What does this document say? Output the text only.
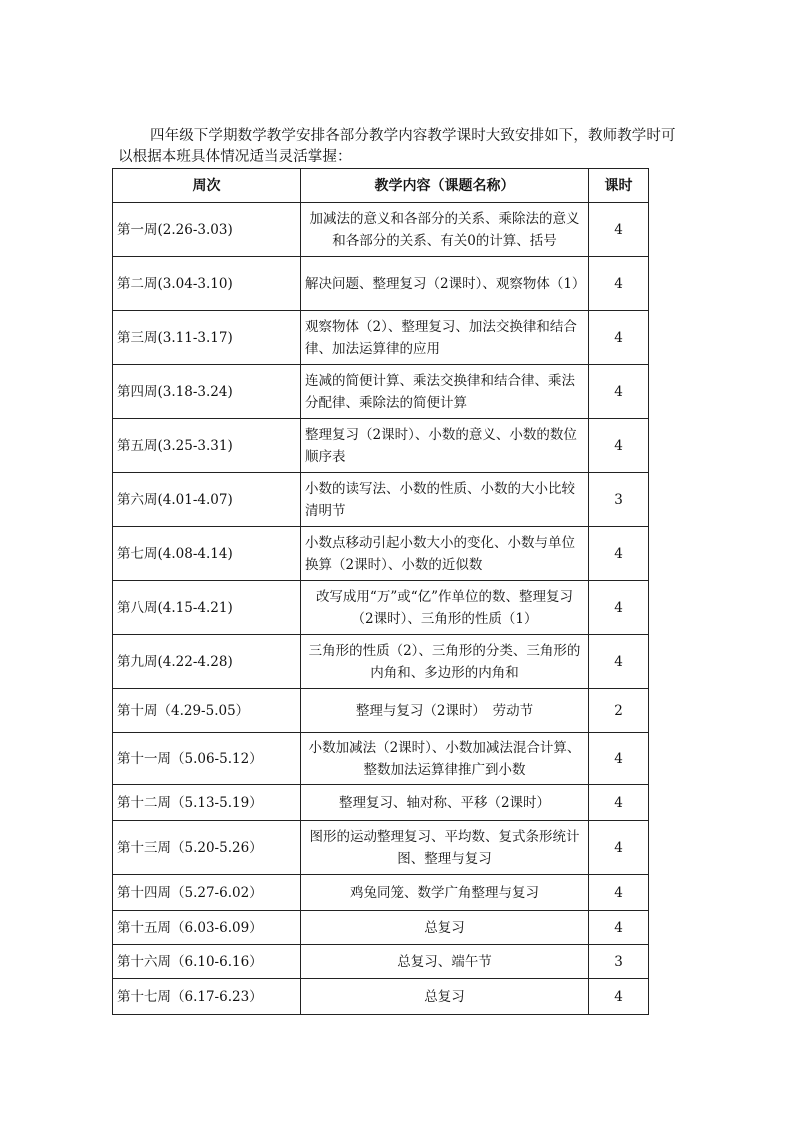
四年级下学期数学教学安排各部分教学内容教学课时大致安排如下，教师教学时可以根据本班具体情况适当灵活掌握：

周次	教学内容（课题名称）	课时
第一周(2.26-3.03)	加减法的意义和各部分的关系、乘除法的意义和各部分的关系、有关0的计算、括号	4
第二周(3.04-3.10)	解决问题、整理复习（2课时）、观察物体（1）	4
第三周(3.11-3.17)	观察物体（2）、整理复习、加法交换律和结合律、加法运算律的应用	4
第四周(3.18-3.24)	连减的简便计算、乘法交换律和结合律、乘法分配律、乘除法的简便计算	4
第五周(3.25-3.31)	整理复习（2课时）、小数的意义、小数的数位顺序表	4
第六周(4.01-4.07)	小数的读写法、小数的性质、小数的大小比较清明节	3
第七周(4.08-4.14)	小数点移动引起小数大小的变化、小数与单位换算（2课时）、小数的近似数	4
第八周(4.15-4.21)	改写成用“万”或“亿”作单位的数、整理复习（2课时）、三角形的性质（1）	4
第九周(4.22-4.28)	三角形的性质（2）、三角形的分类、三角形的内角和、多边形的内角和	4
第十周（4.29-5.05）	整理与复习（2课时）　劳动节	2
第十一周（5.06-5.12）	小数加减法（2课时）、小数加减法混合计算、整数加法运算律推广到小数	4
第十二周（5.13-5.19）	整理复习、轴对称、平移（2课时）	4
第十三周（5.20-5.26）	图形的运动整理复习、平均数、复式条形统计图、整理与复习	4
第十四周（5.27-6.02）	鸡兔同笼、数学广角整理与复习	4
第十五周（6.03-6.09）	总复习	4
第十六周（6.10-6.16）	总复习、端午节	3
第十七周（6.17-6.23）	总复习	4
